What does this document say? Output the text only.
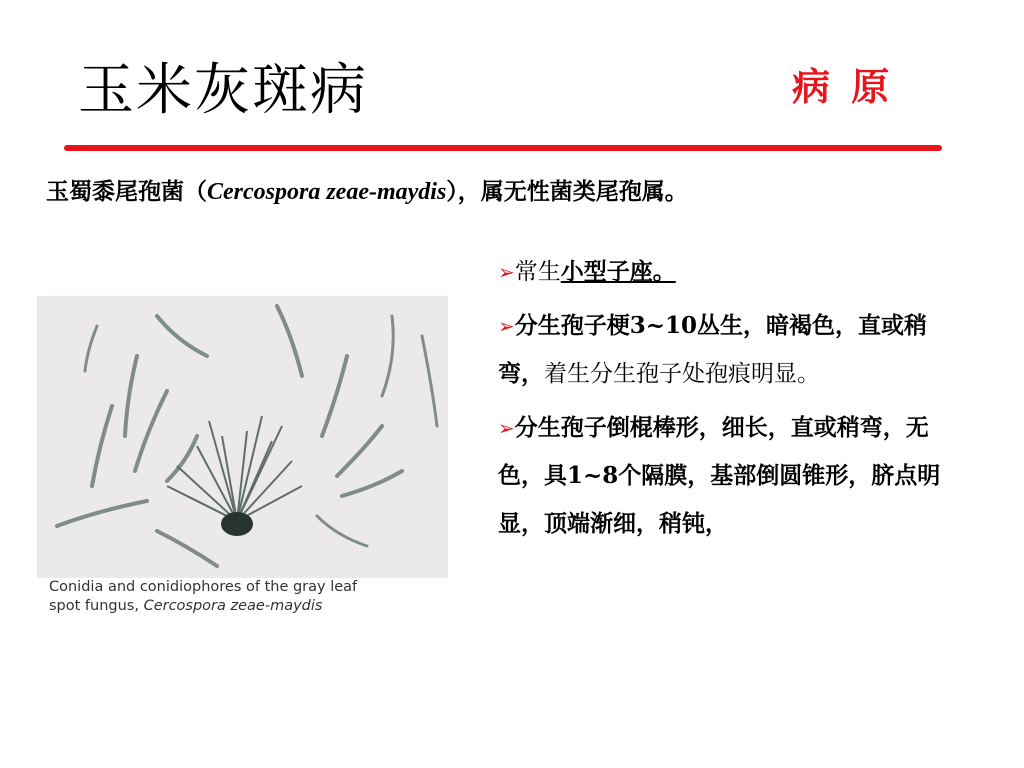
玉米灰斑病	病 原
玉蜀黍尾孢菌（Cercospora zeae-maydis），属无性菌类尾孢属。
Conidia and conidiophores of the gray leaf
spot fungus, Cercospora zeae-maydis
➢常生小型子座。
➢分生孢子梗3~10丛生，暗褐色，直或稍弯，着生分生孢子处孢痕明显。
➢分生孢子倒棍棒形，细长，直或稍弯，无色，具1~8个隔膜，基部倒圆锥形，脐点明显，顶端渐细，稍钝，
